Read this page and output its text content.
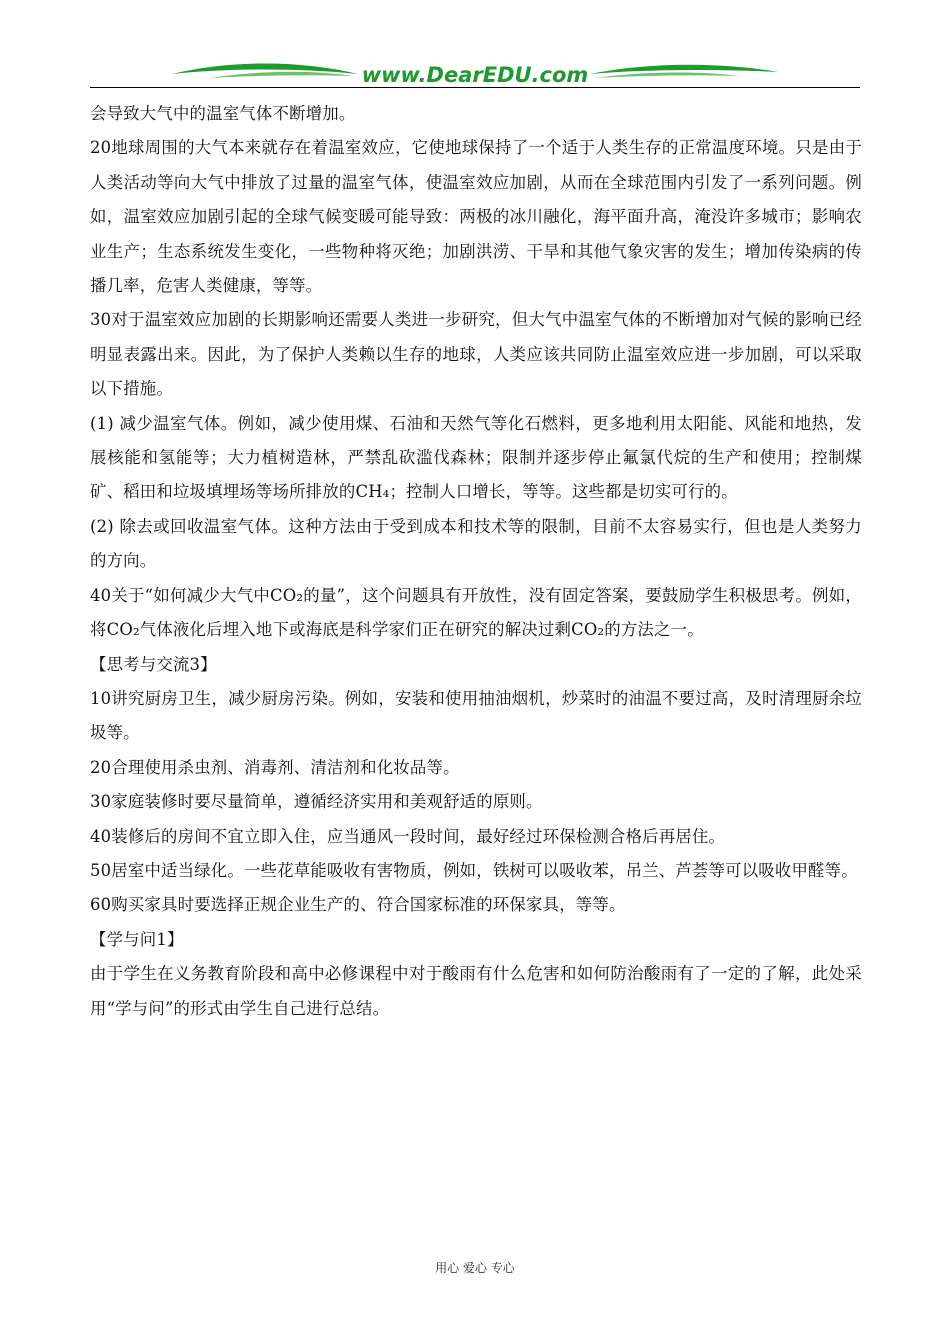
www.DearEDU.com

会导致大气中的温室气体不断增加。

20地球周围的大气本来就存在着温室效应，它使地球保持了一个适于人类生存的正常温度环境。只是由于人类活动等向大气中排放了过量的温室气体，使温室效应加剧，从而在全球范围内引发了一系列问题。例如，温室效应加剧引起的全球气候变暖可能导致：两极的冰川融化，海平面升高，淹没许多城市；影响农业生产；生态系统发生变化，一些物种将灭绝；加剧洪涝、干旱和其他气象灾害的发生；增加传染病的传播几率，危害人类健康，等等。

30对于温室效应加剧的长期影响还需要人类进一步研究，但大气中温室气体的不断增加对气候的影响已经明显表露出来。因此，为了保护人类赖以生存的地球，人类应该共同防止温室效应进一步加剧，可以采取以下措施。

(1) 减少温室气体。例如，减少使用煤、石油和天然气等化石燃料，更多地利用太阳能、风能和地热，发展核能和氢能等；大力植树造林，严禁乱砍滥伐森林；限制并逐步停止氟氯代烷的生产和使用；控制煤矿、稻田和垃圾填埋场等场所排放的CH₄；控制人口增长，等等。这些都是切实可行的。

(2) 除去或回收温室气体。这种方法由于受到成本和技术等的限制，目前不太容易实行，但也是人类努力的方向。

40关于“如何减少大气中CO₂的量”，这个问题具有开放性，没有固定答案，要鼓励学生积极思考。例如，将CO₂气体液化后埋入地下或海底是科学家们正在研究的解决过剩CO₂的方法之一。

【思考与交流3】

10讲究厨房卫生，减少厨房污染。例如，安装和使用抽油烟机，炒菜时的油温不要过高，及时清理厨余垃圾等。

20合理使用杀虫剂、消毒剂、清洁剂和化妆品等。

30家庭装修时要尽量简单，遵循经济实用和美观舒适的原则。

40装修后的房间不宜立即入住，应当通风一段时间，最好经过环保检测合格后再居住。

50居室中适当绿化。一些花草能吸收有害物质，例如，铁树可以吸收苯，吊兰、芦荟等可以吸收甲醛等。

60购买家具时要选择正规企业生产的、符合国家标准的环保家具，等等。

【学与问1】

由于学生在义务教育阶段和高中必修课程中对于酸雨有什么危害和如何防治酸雨有了一定的了解，此处采用“学与问”的形式由学生自己进行总结。

用心 爱心 专心
